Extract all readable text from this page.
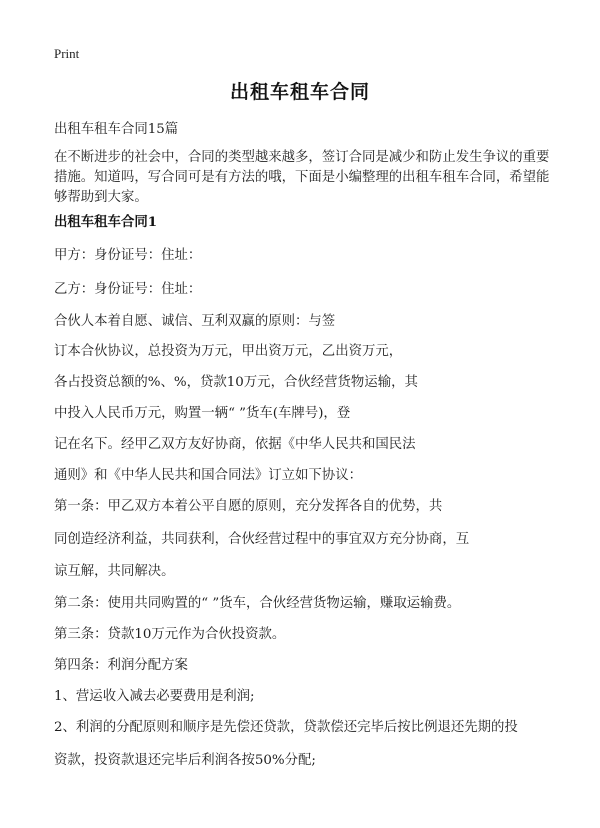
Print
出租车租车合同
出租车租车合同15篇
在不断进步的社会中，合同的类型越来越多，签订合同是减少和防止发生争议的重要措施。知道吗，写合同可是有方法的哦，下面是小编整理的出租车租车合同，希望能够帮助到大家。
出租车租车合同1
甲方：身份证号：住址：
乙方：身份证号：住址：
合伙人本着自愿、诚信、互利双赢的原则：与签
订本合伙协议，总投资为万元，甲出资万元，乙出资万元，
各占投资总额的%、%，贷款10万元，合伙经营货物运输，其
中投入人民币万元，购置一辆“ ”货车(车牌号)，登
记在名下。经甲乙双方友好协商，依据《中华人民共和国民法
通则》和《中华人民共和国合同法》订立如下协议：
第一条：甲乙双方本着公平自愿的原则，充分发挥各自的优势，共
同创造经济利益，共同获利，合伙经营过程中的事宜双方充分协商，互
谅互解，共同解决。
第二条：使用共同购置的“ ”货车，合伙经营货物运输，赚取运输费。
第三条：贷款10万元作为合伙投资款。
第四条：利润分配方案
1、营运收入减去必要费用是利润;
2、利润的分配原则和顺序是先偿还贷款，贷款偿还完毕后按比例退还先期的投
资款，投资款退还完毕后利润各按50%分配;
